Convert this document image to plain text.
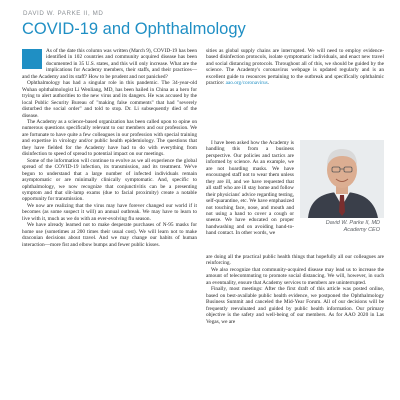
DAVID W. PARKE II, MD
COVID-19 and Ophthalmology

As of the date this column was written (March 9), COVID-19 has been identified in 102 countries and community acquired disease has been documented in 35 U.S. states, and this will only increase. What are the implications for Academy members, their staffs, and their practices—and the Academy and its staff? How to be prudent and not panicked?

Ophthalmology has had a singular role in this pandemic. The 34-year-old Wuhan ophthalmologist Li Wenliang, MD, has been hailed in China as a hero for trying to alert authorities to the new virus and its dangers. He was accused by the local Public Security Bureau of "making false comments" that had "severely disturbed the social order" and told to stop. Dr. Li subsequently died of the disease.

The Academy as a science-based organization has been called upon to opine on numerous questions specifically relevant to our members and our profession. We are fortunate to have quite a few colleagues in our profession with special training and expertise in virology and/or public health epidemiology. The questions that they have fielded for the Academy have had to do with everything from disinfection to speed of spread to potential impact on our meetings.

Some of the information will continue to evolve as we all experience the global spread of the COVID-19 infection, its transmission, and its treatment. We've begun to understand that a large number of infected individuals remain asymptomatic or are minimally clinically symptomatic. And, specific to ophthalmology, we now recognize that conjunctivitis can be a presenting symptom and that slit-lamp exams (due to facial proximity) create a notable opportunity for transmission.

We now are realizing that the virus may have forever changed our world if it becomes (as some suspect it will) an annual outbreak. We may have to learn to live with it, much as we do with an ever-evolving flu season.

We have already learned not to make desperate purchases of N-95 masks for home use (sometimes at 200 times their usual cost). We will learn not to make draconian decisions about travel. And we may change our habits of human interaction—more fist and elbow bumps and fewer public kisses.

sities as global supply chains are interrupted. We will need to employ evidence-based disinfection protocols, isolate symptomatic individuals, and enact new travel and social distancing protocols. Throughout all of this, we should be guided by the science. The Academy's coronavirus webpage is updated regularly and is an excellent guide to resources pertaining to the outbreak and specifically ophthalmic practice: aao.org/coronavirus.

I have been asked how the Academy is handling this from a business perspective. Our policies and tactics are informed by science. As an example, we are not hoarding masks. We have encouraged staff not to wear them unless they are ill, and we have requested that all staff who are ill stay home and follow their physicians' advice regarding testing, self-quarantine, etc. We have emphasized not touching face, nose, and mouth and not using a hand to cover a cough or sneeze. We have educated on proper handwashing and on avoiding hand-to-hand contact. In other words, we

David W. Parke II, MD
Academy CEO

are doing all the practical public health things that hopefully all our colleagues are reinforcing.

We also recognize that community-acquired disease may lead us to increase the amount of telecommuting to promote social distancing. We will, however, in such an eventuality, ensure that Academy services to members are uninterrupted.

Finally, most meetings: After the first draft of this article was posted online, based on best-available public health evidence, we postponed the Ophthalmology Business Summit and canceled the Mid-Year Forum. All of our decisions will be frequently reevaluated and guided by public health information. Our primary objective is the safety and well-being of our members. As for AAO 2020 in Las Vegas, we are
